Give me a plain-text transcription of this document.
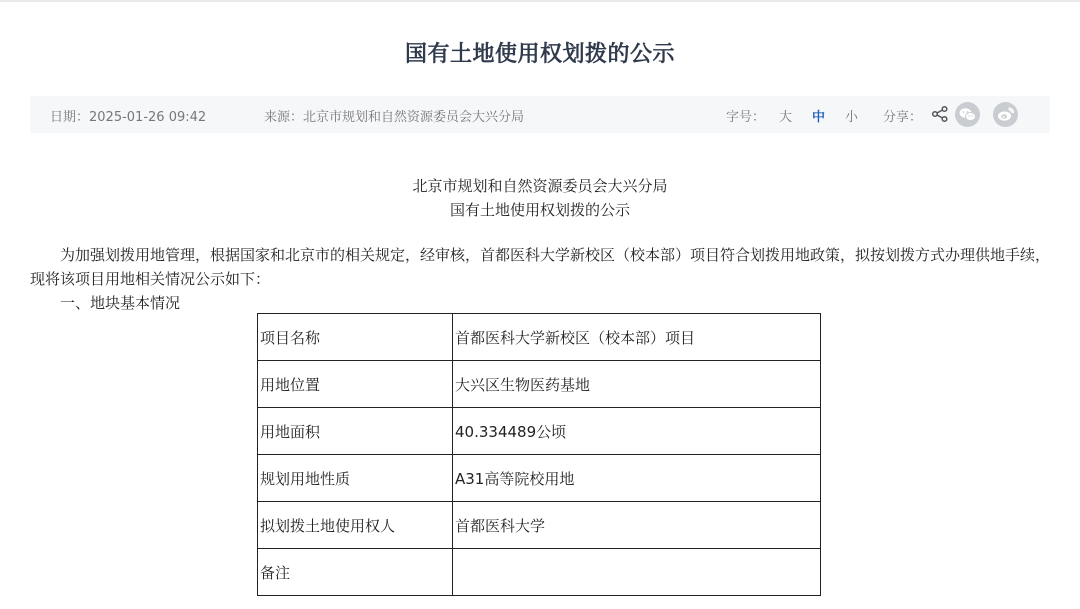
国有土地使用权划拨的公示
日期：2025-01-26 09:42	来源：北京市规划和自然资源委员会大兴分局	字号： 大 中 小 分享：
北京市规划和自然资源委员会大兴分局
国有土地使用权划拨的公示
为加强划拨用地管理，根据国家和北京市的相关规定，经审核，首都医科大学新校区（校本部）项目符合划拨用地政策，拟按划拨方式办理供地手续，现将该项目用地相关情况公示如下：
一、地块基本情况
项目名称	首都医科大学新校区（校本部）项目
用地位置	大兴区生物医药基地
用地面积	40.334489公顷
规划用地性质	A31高等院校用地
拟划拨土地使用权人	首都医科大学
备注	
